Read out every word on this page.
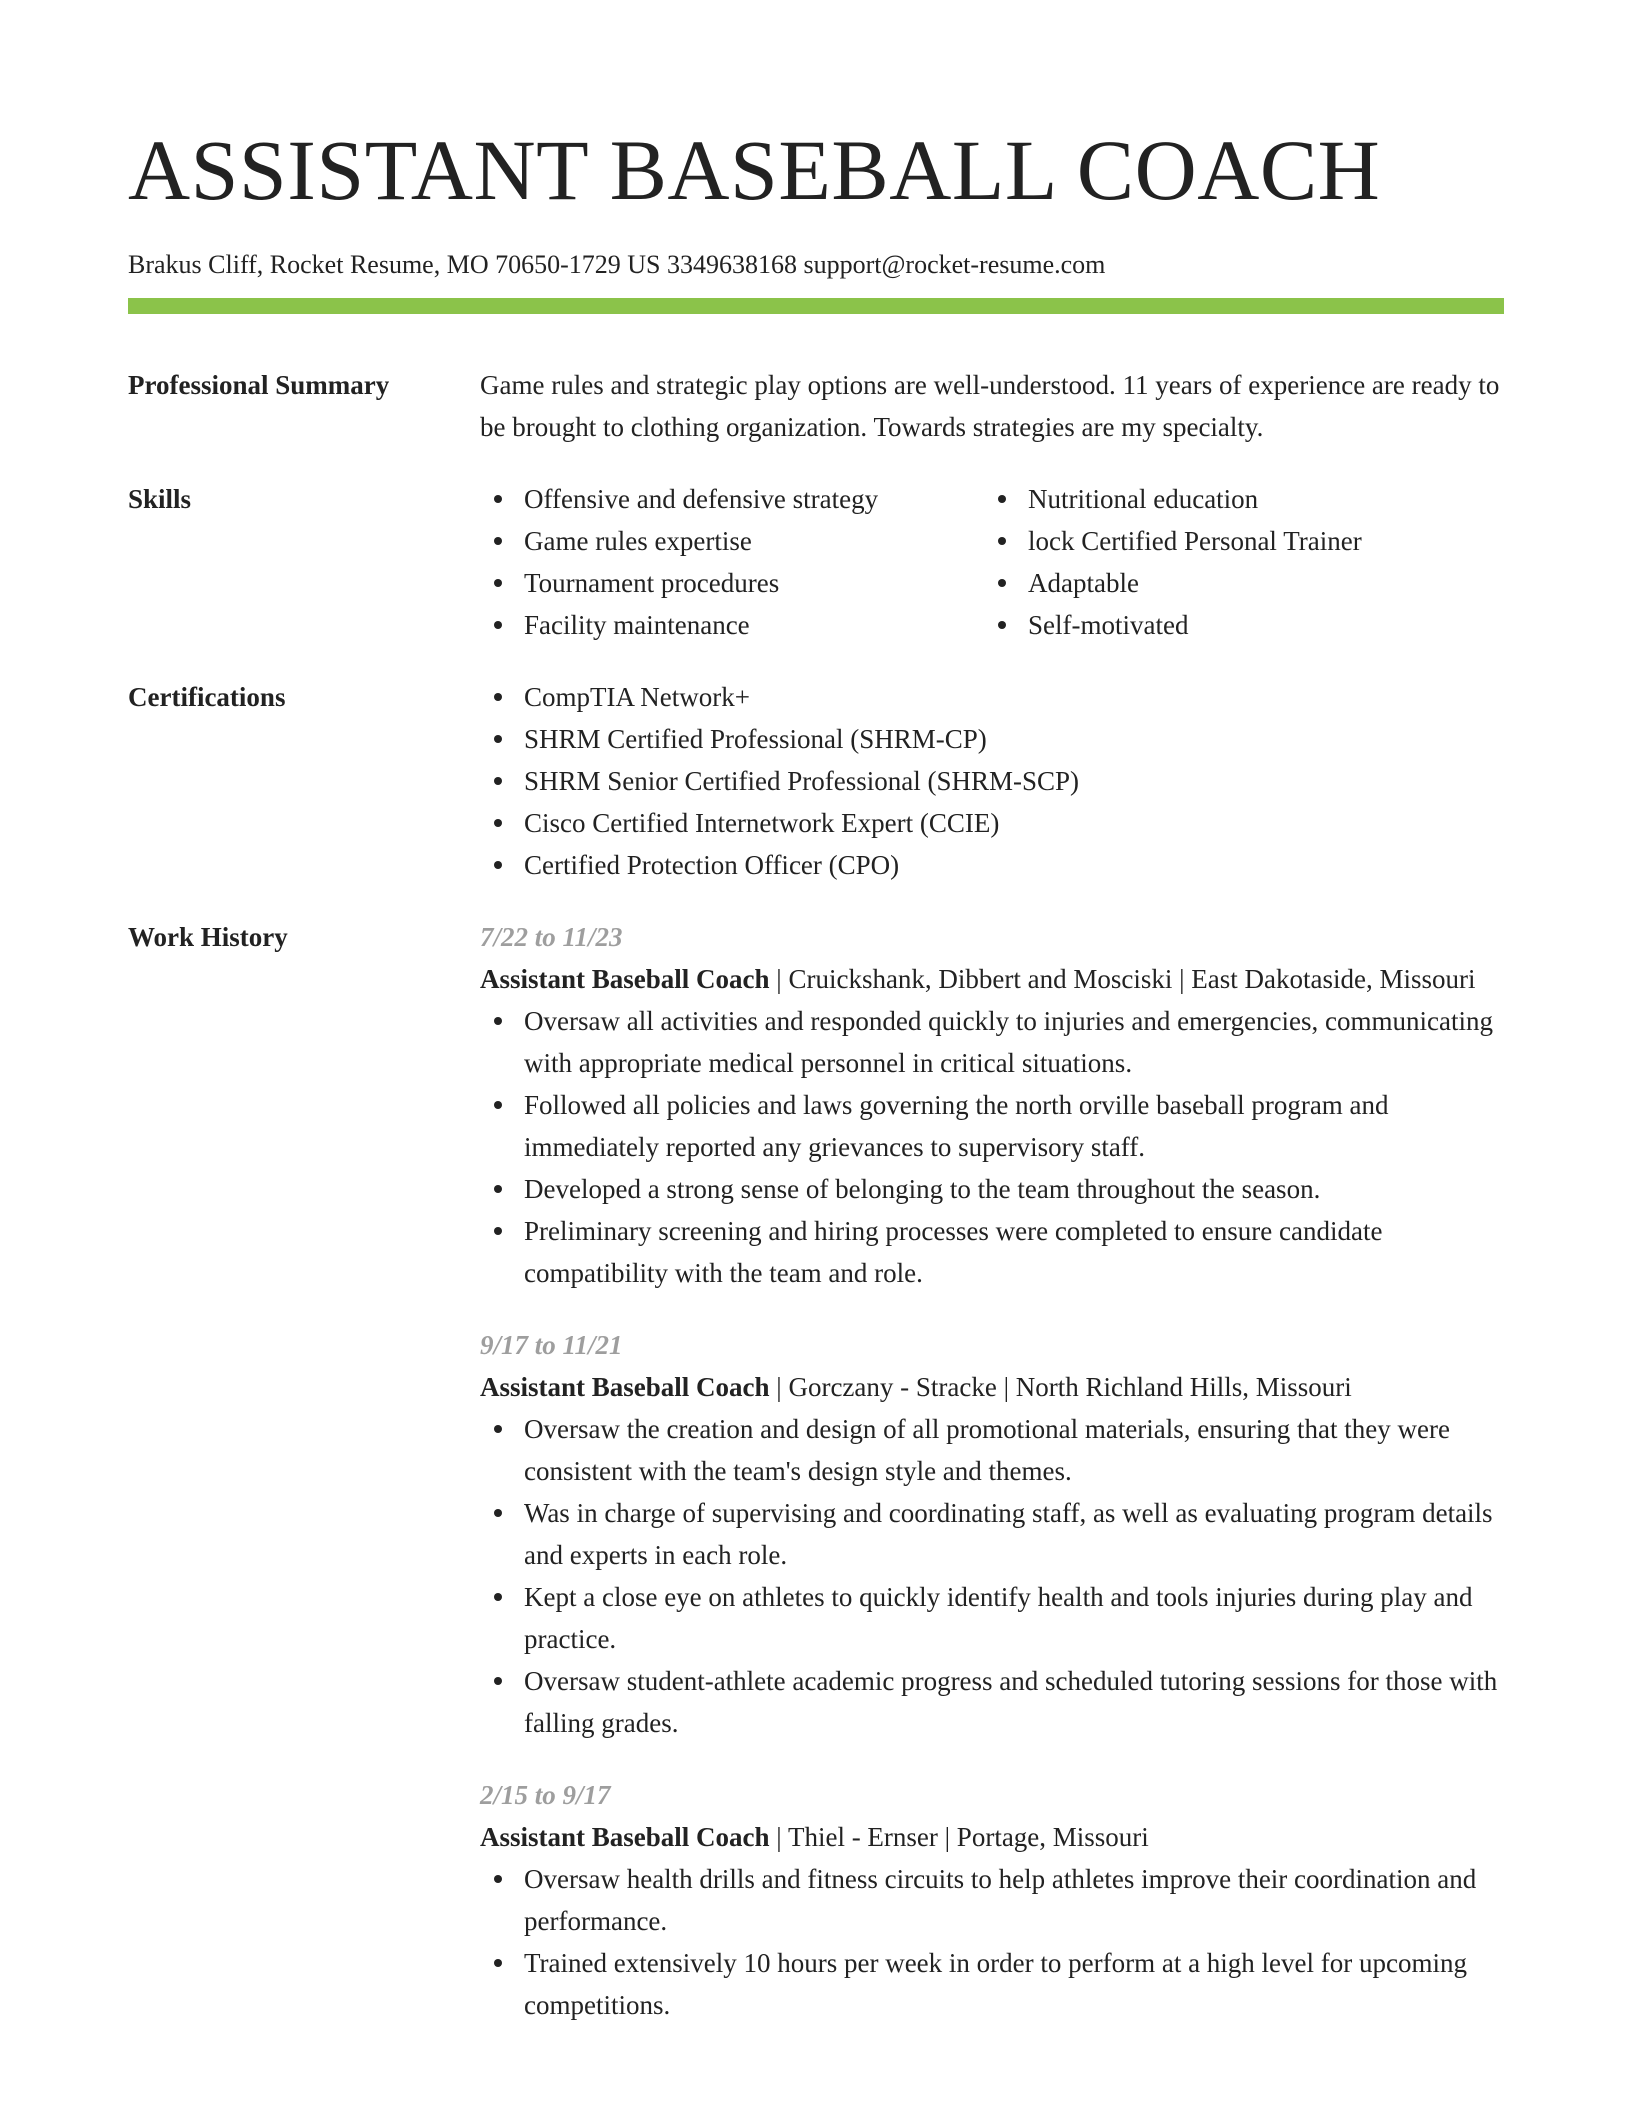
ASSISTANT BASEBALL COACH
Brakus Cliff, Rocket Resume, MO 70650-1729 US 3349638168 support@rocket-resume.com
Professional Summary	Game rules and strategic play options are well-understood. 11 years of experience are ready to be brought to clothing organization. Towards strategies are my specialty.
Skills	Offensive and defensive strategy
Game rules expertise
Tournament procedures
Facility maintenance
Nutritional education
lock Certified Personal Trainer
Adaptable
Self-motivated
Certifications	CompTIA Network+
SHRM Certified Professional (SHRM-CP)
SHRM Senior Certified Professional (SHRM-SCP)
Cisco Certified Internetwork Expert (CCIE)
Certified Protection Officer (CPO)
Work History	7/22 to 11/23
Assistant Baseball Coach | Cruickshank, Dibbert and Mosciski | East Dakotaside, Missouri
Oversaw all activities and responded quickly to injuries and emergencies, communicating with appropriate medical personnel in critical situations.
Followed all policies and laws governing the north orville baseball program and immediately reported any grievances to supervisory staff.
Developed a strong sense of belonging to the team throughout the season.
Preliminary screening and hiring processes were completed to ensure candidate compatibility with the team and role.
9/17 to 11/21
Assistant Baseball Coach | Gorczany - Stracke | North Richland Hills, Missouri
Oversaw the creation and design of all promotional materials, ensuring that they were consistent with the team's design style and themes.
Was in charge of supervising and coordinating staff, as well as evaluating program details and experts in each role.
Kept a close eye on athletes to quickly identify health and tools injuries during play and practice.
Oversaw student-athlete academic progress and scheduled tutoring sessions for those with falling grades.
2/15 to 9/17
Assistant Baseball Coach | Thiel - Ernser | Portage, Missouri
Oversaw health drills and fitness circuits to help athletes improve their coordination and performance.
Trained extensively 10 hours per week in order to perform at a high level for upcoming competitions.
